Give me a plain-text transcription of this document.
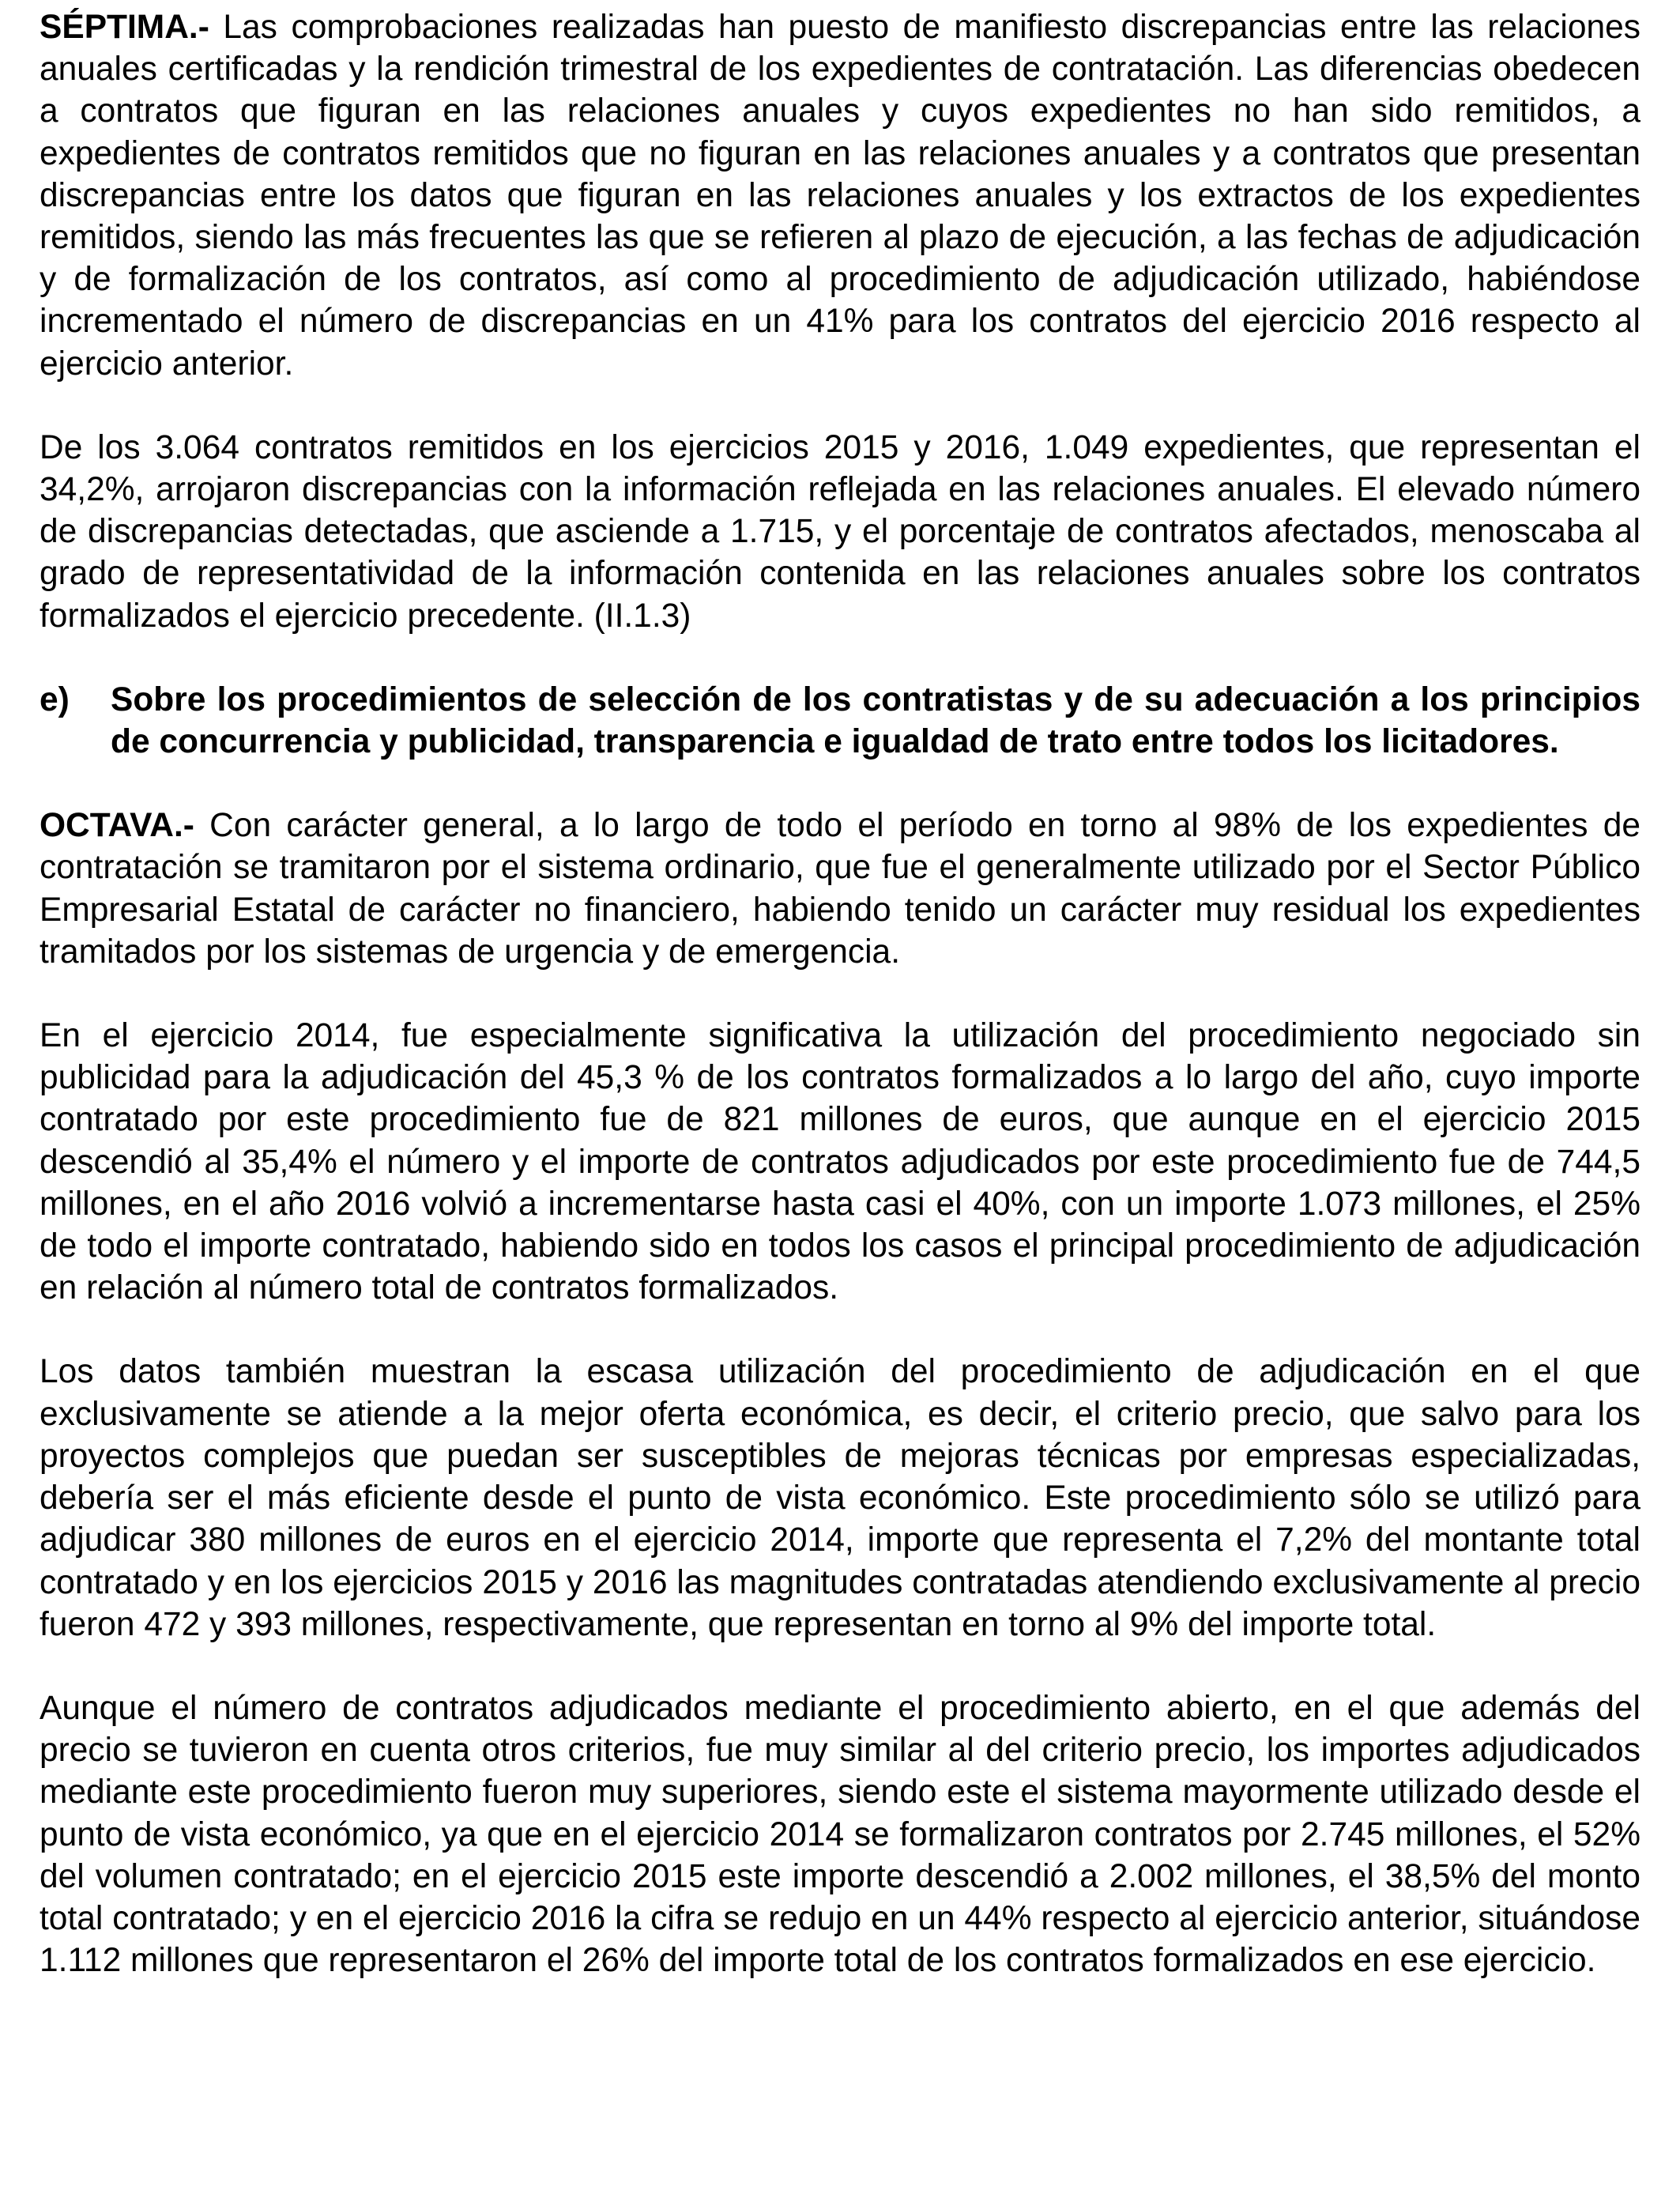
SÉPTIMA.- Las comprobaciones realizadas han puesto de manifiesto discrepancias entre las relaciones anuales certificadas y la rendición trimestral de los expedientes de contratación. Las diferencias obedecen a contratos que figuran en las relaciones anuales y cuyos expedientes no han sido remitidos, a expedientes de contratos remitidos que no figuran en las relaciones anuales y a contratos que presentan discrepancias entre los datos que figuran en las relaciones anuales y los extractos de los expedientes remitidos, siendo las más frecuentes las que se refieren al plazo de ejecución, a las fechas de adjudicación y de formalización de los contratos, así como al procedimiento de adjudicación utilizado, habiéndose incrementado el número de discrepancias en un 41% para los contratos del ejercicio 2016 respecto al ejercicio anterior.

De los 3.064 contratos remitidos en los ejercicios 2015 y 2016, 1.049 expedientes, que representan el 34,2%, arrojaron discrepancias con la información reflejada en las relaciones anuales. El elevado número de discrepancias detectadas, que asciende a 1.715, y el porcentaje de contratos afectados, menoscaba al grado de representatividad de la información contenida en las relaciones anuales sobre los contratos formalizados el ejercicio precedente. (II.1.3)

e)	Sobre los procedimientos de selección de los contratistas y de su adecuación a los principios de concurrencia y publicidad, transparencia e igualdad de trato entre todos los licitadores.

OCTAVA.- Con carácter general, a lo largo de todo el período en torno al 98% de los expedientes de contratación se tramitaron por el sistema ordinario, que fue el generalmente utilizado por el Sector Público Empresarial Estatal de carácter no financiero, habiendo tenido un carácter muy residual los expedientes tramitados por los sistemas de urgencia y de emergencia.

En el ejercicio 2014, fue especialmente significativa la utilización del procedimiento negociado sin publicidad para la adjudicación del 45,3 % de los contratos formalizados a lo largo del año, cuyo importe contratado por este procedimiento fue de 821 millones de euros, que aunque en el ejercicio 2015 descendió al 35,4% el número y el importe de contratos adjudicados por este procedimiento fue de 744,5 millones, en el año 2016 volvió a incrementarse hasta casi el 40%, con un importe 1.073 millones, el 25% de todo el importe contratado, habiendo sido en todos los casos el principal procedimiento de adjudicación en relación al número total de contratos formalizados.

Los datos también muestran la escasa utilización del procedimiento de adjudicación en el que exclusivamente se atiende a la mejor oferta económica, es decir, el criterio precio, que salvo para los proyectos complejos que puedan ser susceptibles de mejoras técnicas por empresas especializadas, debería ser el más eficiente desde el punto de vista económico. Este procedimiento sólo se utilizó para adjudicar 380 millones de euros en el ejercicio 2014, importe que representa el 7,2% del montante total contratado y en los ejercicios 2015 y 2016 las magnitudes contratadas atendiendo exclusivamente al precio fueron 472 y 393 millones, respectivamente, que representan en torno al 9% del importe total.

Aunque el número de contratos adjudicados mediante el procedimiento abierto, en el que además del precio se tuvieron en cuenta otros criterios, fue muy similar al del criterio precio, los importes adjudicados mediante este procedimiento fueron muy superiores, siendo este el sistema mayormente utilizado desde el punto de vista económico, ya que en el ejercicio 2014 se formalizaron contratos por 2.745 millones, el 52% del volumen contratado; en el ejercicio 2015 este importe descendió a 2.002 millones, el 38,5% del monto total contratado; y en el ejercicio 2016 la cifra se redujo en un 44% respecto al ejercicio anterior, situándose 1.112 millones que representaron el 26% del importe total de los contratos formalizados en ese ejercicio.
